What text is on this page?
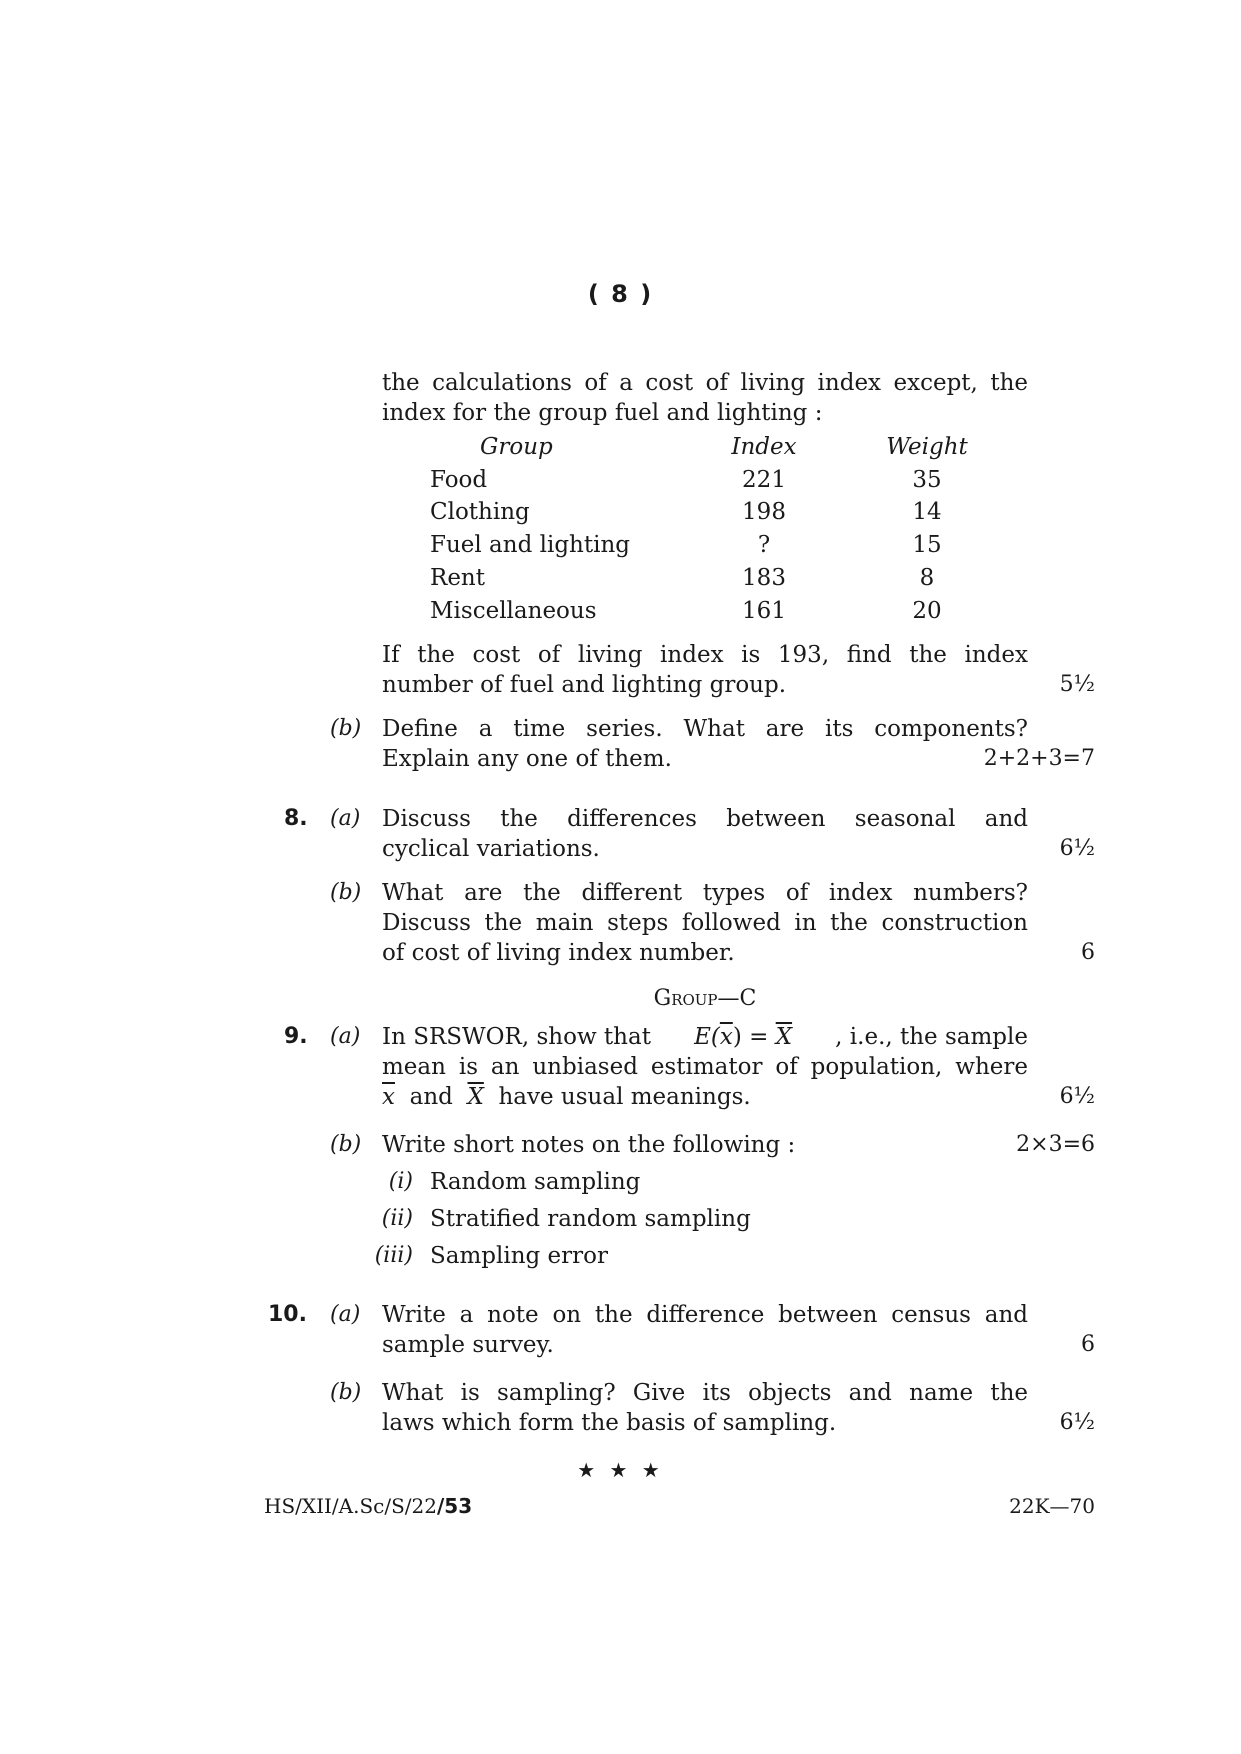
( 8 )
the calculations of a cost of living index except, the
index for the group fuel and lighting :
Group	Index	Weight
Food	221	35
Clothing	198	14
Fuel and lighting	?	15
Rent	183	8
Miscellaneous	161	20
If the cost of living index is 193, find the index
number of fuel and lighting group.	5½
(b) Define a time series. What are its components?
Explain any one of them.	2+2+3=7
8. (a) Discuss the differences between seasonal and
cyclical variations.	6½
(b) What are the different types of index numbers?
Discuss the main steps followed in the construction
of cost of living index number.	6
Group—C
9. (a) In SRSWOR, show that $E(\overline{x}) = \overline{X}$ , i.e., the sample
mean is an unbiased estimator of population, where
$\overline{x}$ and $\overline{X}$ have usual meanings.	6½
(b) Write short notes on the following :	2×3=6
(i) Random sampling
(ii) Stratified random sampling
(iii) Sampling error
10. (a) Write a note on the difference between census and
sample survey.	6
(b) What is sampling? Give its objects and name the
laws which form the basis of sampling.	6½
★ ★ ★
HS/XII/A.Sc/S/22/53	22K—70
